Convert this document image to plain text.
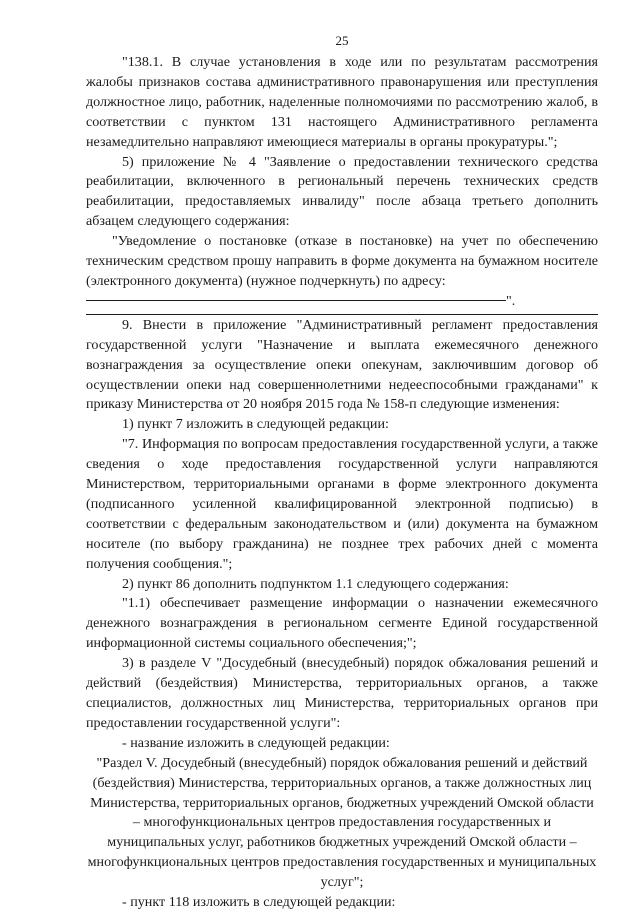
25

"138.1. В случае установления в ходе или по результатам рассмотрения жалобы признаков состава административного правонарушения или преступления должностное лицо, работник, наделенные полномочиями по рассмотрению жалоб, в соответствии с пунктом 131 настоящего Административного регламента незамедлительно направляют имеющиеся материалы в органы прокуратуры.";

5) приложение № 4 "Заявление о предоставлении технического средства реабилитации, включенного в региональный перечень технических средств реабилитации, предоставляемых инвалиду" после абзаца третьего дополнить абзацем следующего содержания:

"Уведомление о постановке (отказе в постановке) на учет по обеспечению техническим средством прошу направить в форме документа на бумажном носителе (электронного документа) (нужное подчеркнуть) по адресу:

".

9. Внести в приложение "Административный регламент предоставления государственной услуги "Назначение и выплата ежемесячного денежного вознаграждения за осуществление опеки опекунам, заключившим договор об осуществлении опеки над совершеннолетними недееспособными гражданами" к приказу Министерства от 20 ноября 2015 года № 158-п следующие изменения:

1) пункт 7 изложить в следующей редакции:

"7. Информация по вопросам предоставления государственной услуги, а также сведения о ходе предоставления государственной услуги направляются Министерством, территориальными органами в форме электронного документа (подписанного усиленной квалифицированной электронной подписью) в соответствии с федеральным законодательством и (или) документа на бумажном носителе (по выбору гражданина) не позднее трех рабочих дней с момента получения сообщения.";

2) пункт 86 дополнить подпунктом 1.1 следующего содержания:

"1.1) обеспечивает размещение информации о назначении ежемесячного денежного вознаграждения в региональном сегменте Единой государственной информационной системы социального обеспечения;";

3) в разделе V "Досудебный (внесудебный) порядок обжалования решений и действий (бездействия) Министерства, территориальных органов, а также специалистов, должностных лиц Министерства, территориальных органов при предоставлении государственной услуги":

- название изложить в следующей редакции:

"Раздел V. Досудебный (внесудебный) порядок обжалования решений и действий (бездействия) Министерства, территориальных органов, а также должностных лиц Министерства, территориальных органов, бюджетных учреждений Омской области – многофункциональных центров предоставления государственных и муниципальных услуг, работников бюджетных учреждений Омской области – многофункциональных центров предоставления государственных и муниципальных услуг";

- пункт 118 изложить в следующей редакции:
